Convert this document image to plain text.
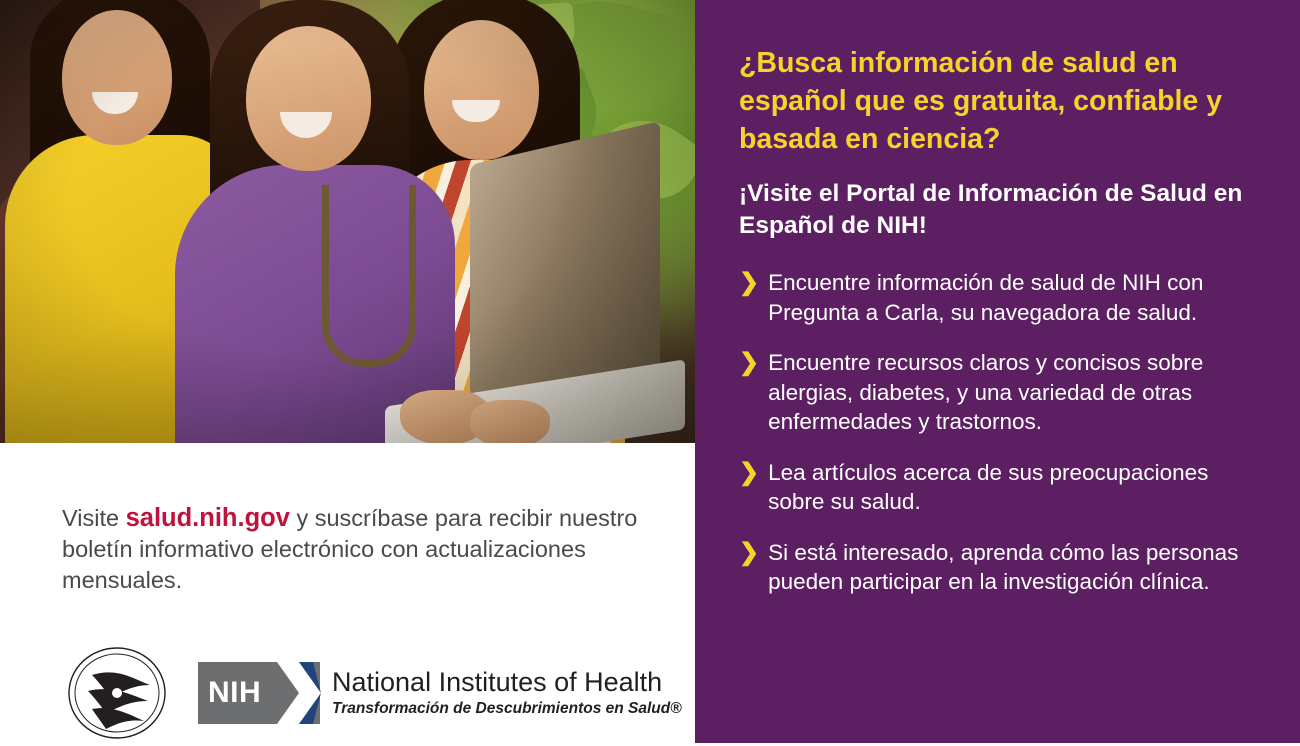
Visite salud.nih.gov y suscríbase para recibir nuestro boletín informativo electrónico con actualizaciones mensuales.

NIH	National Institutes of Health
Transformación de Descubrimientos en Salud®
¿Busca información de salud en español que es gratuita, confiable y basada en ciencia?
¡Visite el Portal de Información de Salud en Español de NIH!
❯ Encuentre información de salud de NIH con Pregunta a Carla, su navegadora de salud.
❯ Encuentre recursos claros y concisos sobre alergias, diabetes, y una variedad de otras enfermedades y trastornos.
❯ Lea artículos acerca de sus preocupaciones sobre su salud.
❯ Si está interesado, aprenda cómo las personas pueden participar en la investigación clínica.
